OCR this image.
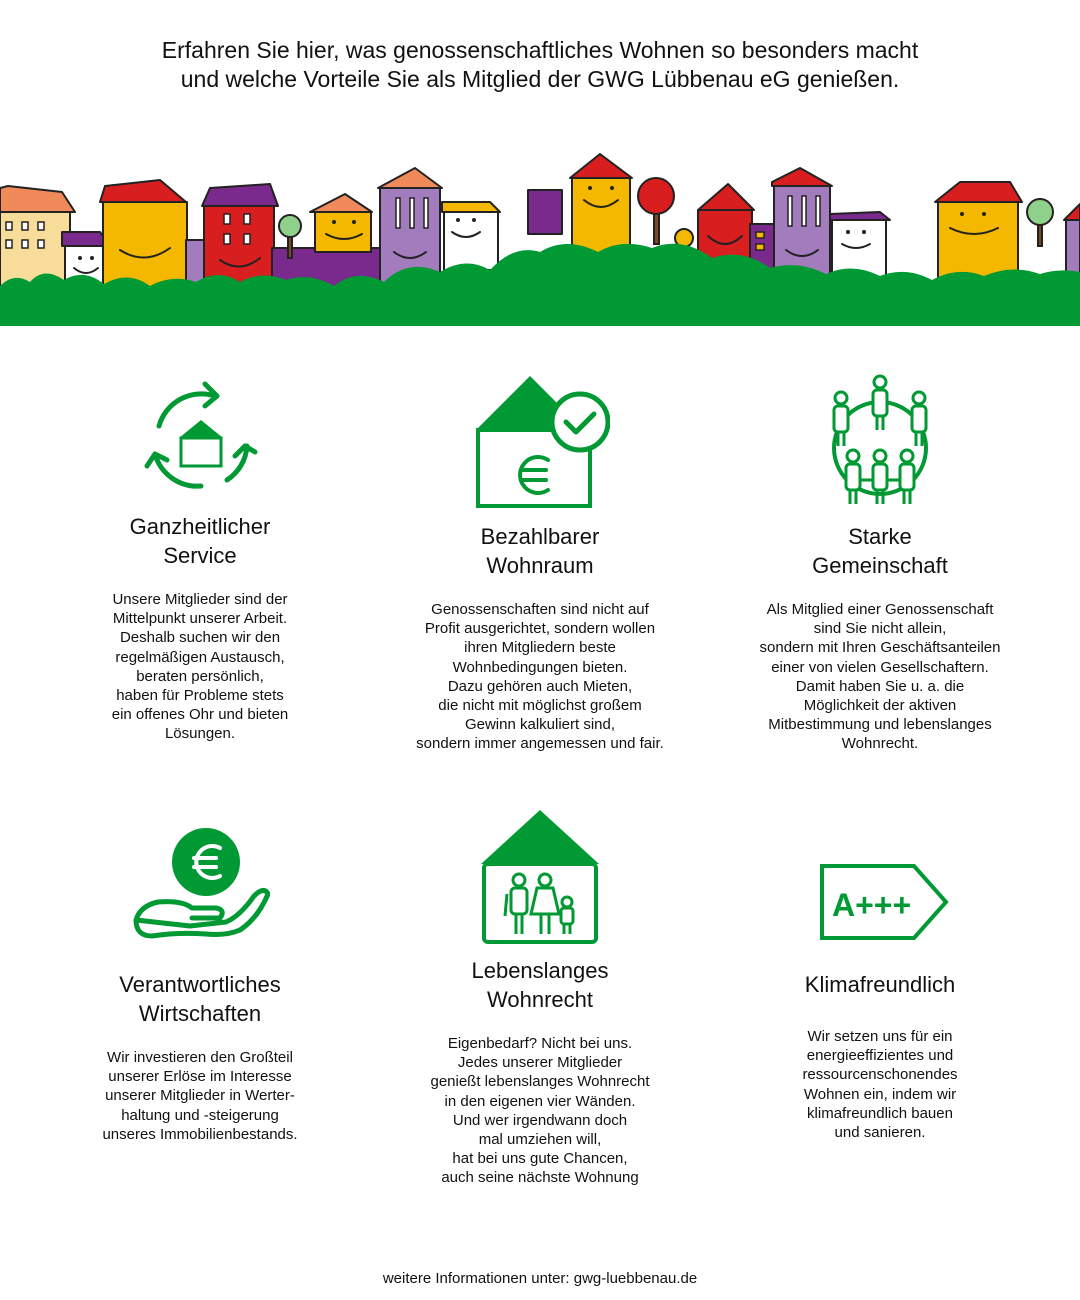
Erfahren Sie hier, was genossenschaftliches Wohnen so besonders macht
und welche Vorteile Sie als Mitglied der GWG Lübbenau eG genießen.
Ganzheitlicher
Service
Unsere Mitglieder sind der
Mittelpunkt unserer Arbeit.
Deshalb suchen wir den
regelmäßigen Austausch,
beraten persönlich,
haben für Probleme stets
ein offenes Ohr und bieten
Lösungen.
Bezahlbarer
Wohnraum
Genossenschaften sind nicht auf
Profit ausgerichtet, sondern wollen
ihren Mitgliedern beste
Wohnbedingungen bieten.
Dazu gehören auch Mieten,
die nicht mit möglichst großem
Gewinn kalkuliert sind,
sondern immer angemessen und fair.
Starke
Gemeinschaft
Als Mitglied einer Genossenschaft
sind Sie nicht allein,
sondern mit Ihren Geschäftsanteilen
einer von vielen Gesellschaftern.
Damit haben Sie u. a. die
Möglichkeit der aktiven
Mitbestimmung und lebenslanges
Wohnrecht.
Verantwortliches
Wirtschaften
Wir investieren den Großteil
unserer Erlöse im Interesse
unserer Mitglieder in Werter-
haltung und -steigerung
unseres Immobilienbestands.
Lebenslanges
Wohnrecht
Eigenbedarf? Nicht bei uns.
Jedes unserer Mitglieder
genießt lebenslanges Wohnrecht
in den eigenen vier Wänden.
Und wer irgendwann doch
mal umziehen will,
hat bei uns gute Chancen,
auch seine nächste Wohnung
A+++
Klimafreundlich
Wir setzen uns für ein
energieeffizientes und
ressourcenschonendes
Wohnen ein, indem wir
klimafreundlich bauen
und sanieren.
weitere Informationen unter: gwg-luebbenau.de
